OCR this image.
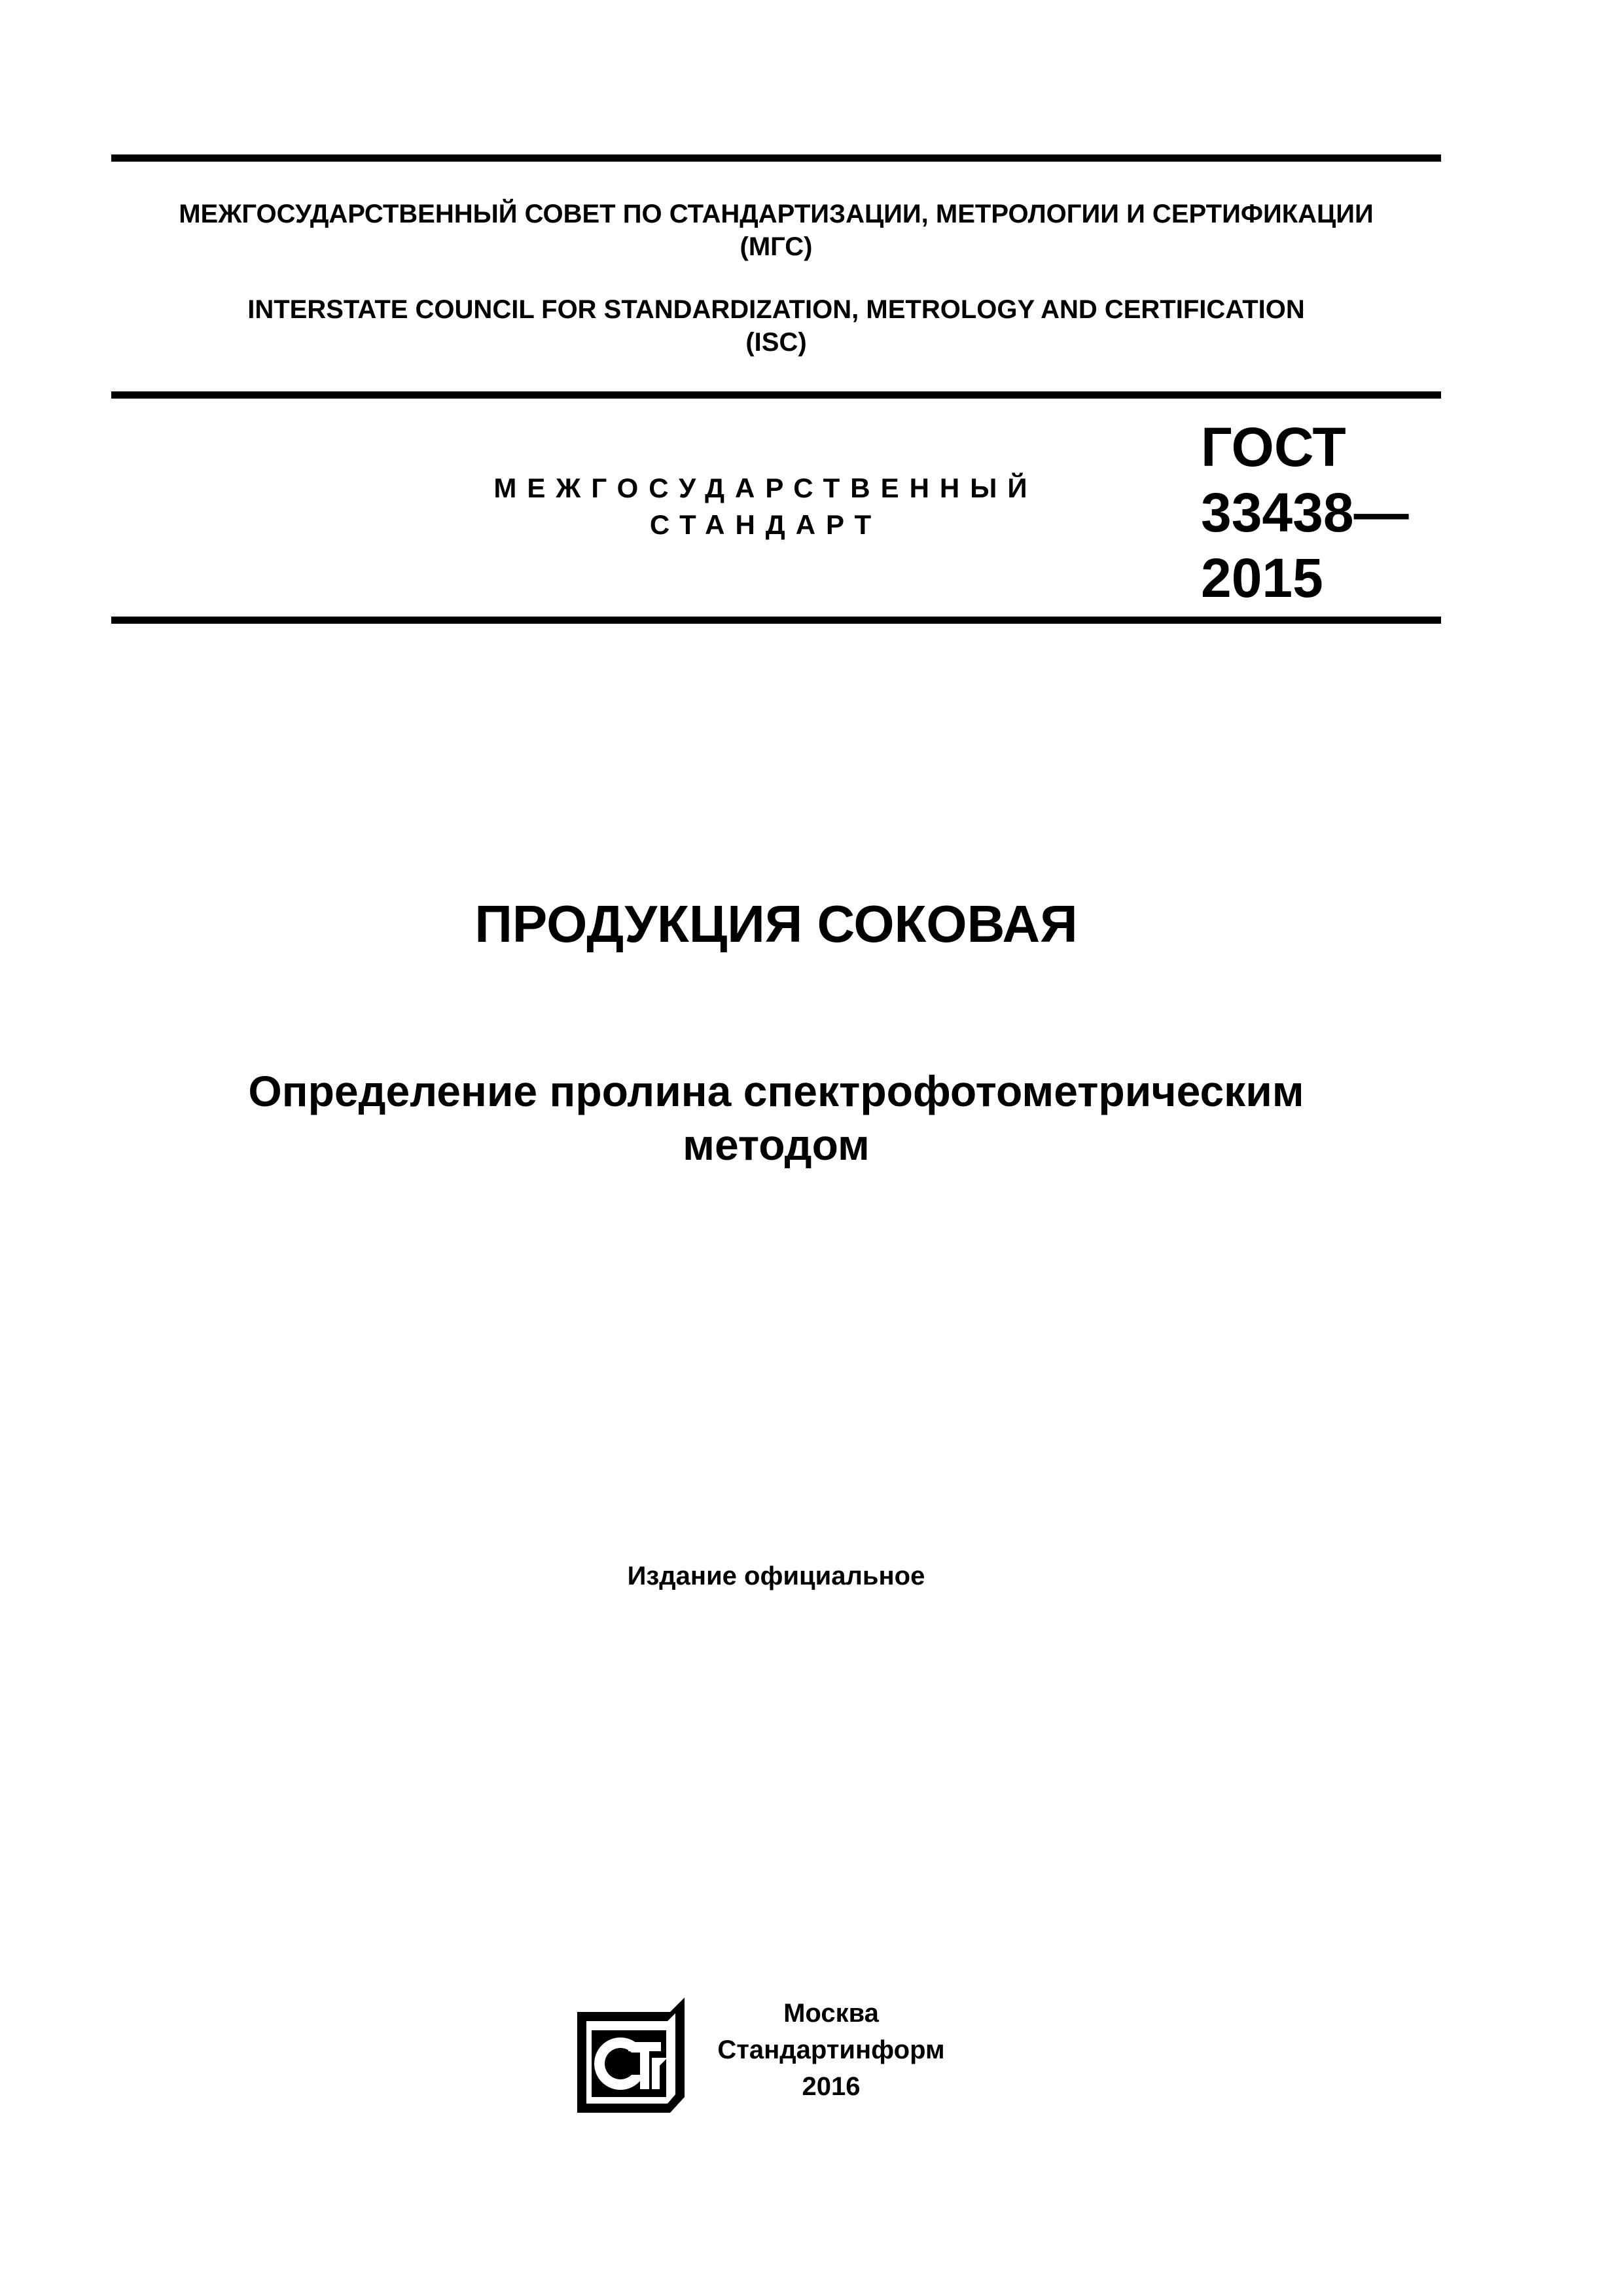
МЕЖГОСУДАРСТВЕННЫЙ СОВЕТ ПО СТАНДАРТИЗАЦИИ, МЕТРОЛОГИИ И СЕРТИФИКАЦИИ
(МГС)
INTERSTATE COUNCIL FOR STANDARDIZATION, METROLOGY AND CERTIFICATION
(ISC)
МЕЖГОСУДАРСТВЕННЫЙ
СТАНДАРТ
ГОСТ
33438—
2015
ПРОДУКЦИЯ СОКОВАЯ
Определение пролина спектрофотометрическим
методом
Издание официальное
СТИ
Москва
Стандартинформ
2016
